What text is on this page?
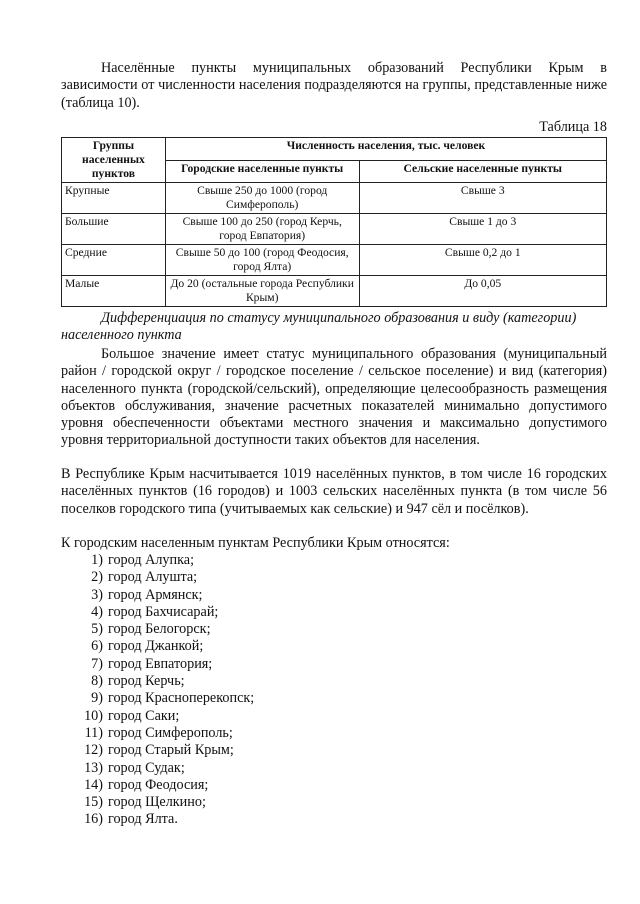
Населённые пункты муниципальных образований Республики Крым в зависимости от численности населения подразделяются на группы, представленные ниже (таблица 10).

Таблица 18
Группы населенных пунктов	Численность населения, тыс. человек	
	Городские населенные пункты	Сельские населенные пункты
Крупные	Свыше 250 до 1000 (город Симферополь)	Свыше 3
Большие	Свыше 100 до 250 (город Керчь, город Евпатория)	Свыше 1 до 3
Средние	Свыше 50 до 100 (город Феодосия, город Ялта)	Свыше 0,2 до 1
Малые	До 20 (остальные города Республики Крым)	До 0,05

Дифференциация по статусу муниципального образования и виду (категории) населенного пункта

Большое значение имеет статус муниципального образования (муниципальный район / городской округ / городское поселение / сельское поселение) и вид (категория) населенного пункта (городской/сельский), определяющие целесообразность размещения объектов обслуживания, значение расчетных показателей минимально допустимого уровня обеспеченности объектами местного значения и максимально допустимого уровня территориальной доступности таких объектов для населения.

В Республике Крым насчитывается 1019 населённых пунктов, в том числе 16 городских населённых пунктов (16 городов) и 1003 сельских населённых пункта (в том числе 56 поселков городского типа (учитываемых как сельские) и 947 сёл и посёлков).

К городским населенным пунктам Республики Крым относятся:

1) город Алупка;
2) город Алушта;
3) город Армянск;
4) город Бахчисарай;
5) город Белогорск;
6) город Джанкой;
7) город Евпатория;
8) город Керчь;
9) город Красноперекопск;
10) город Саки;
11) город Симферополь;
12) город Старый Крым;
13) город Судак;
14) город Феодосия;
15) город Щелкино;
16) город Ялта.
